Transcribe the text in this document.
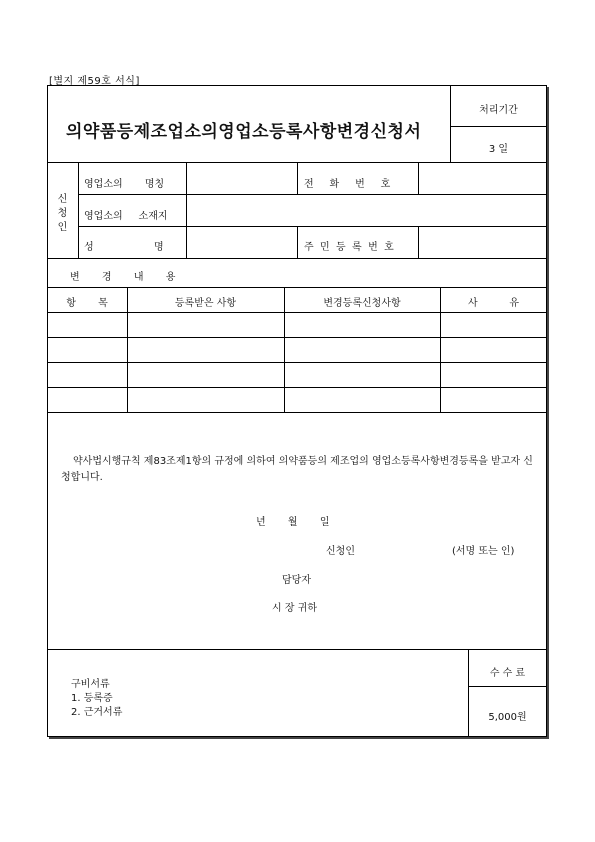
[별지 제59호 서식]
의약품등제조업소의영업소등록사항변경신청서
처리기간
3 일
신
청
인
영업소의       명칭	전     화     번     호
영업소의     소재지
성                   명	주  민  등  록  번  호
변       경       내       용
항       목	등록받은 사항	변경등록신청사항	사          유
약사법시행규칙 제83조제1항의 규정에 의하여 의약품등의 제조업의 영업소등록사항변경등록을 받고자 신청합니다.
년       월       일
신청인	(서명 또는 인)
담당자
시 장 귀하
구비서류
1. 등록증
2. 근거서류
수 수 료
5,000원
